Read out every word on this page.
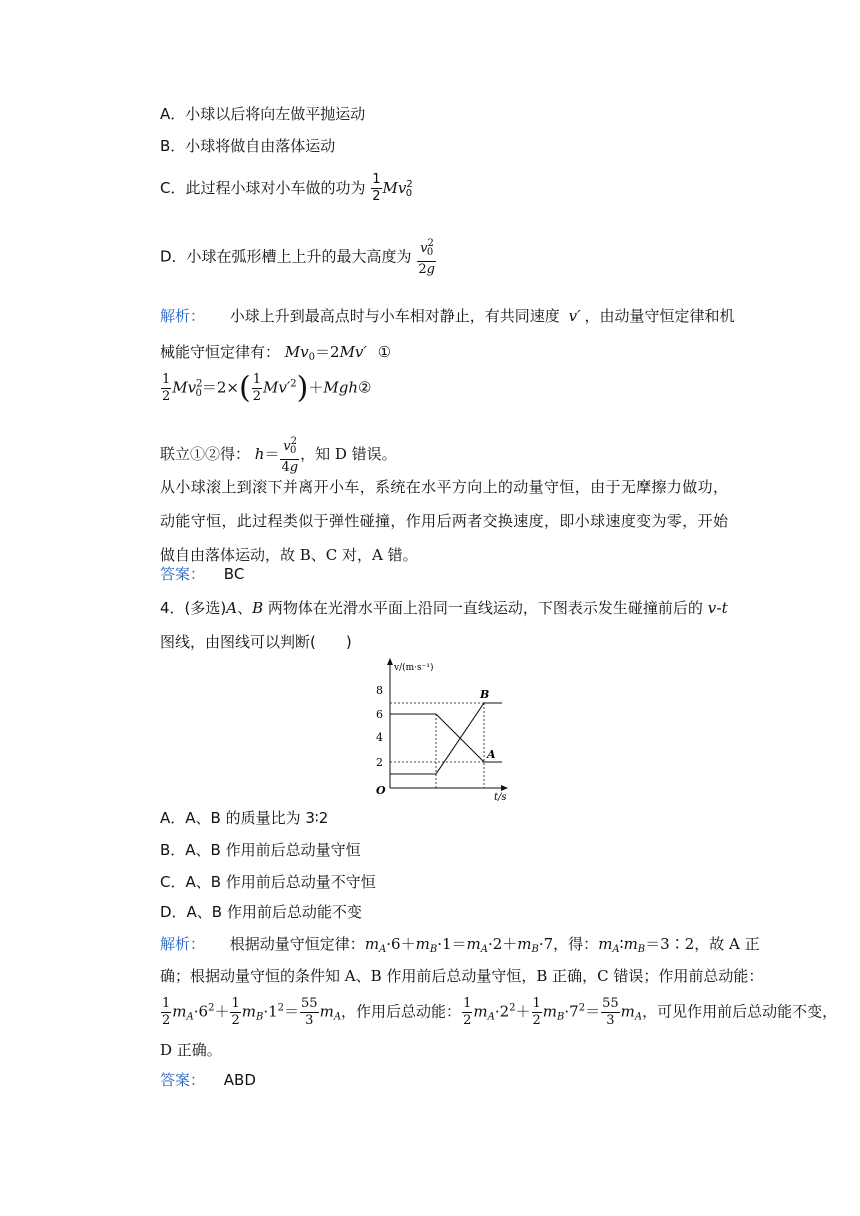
A．小球以后将向左做平抛运动
B．小球将做自由落体运动
C．此过程小球对小车做的功为 $\frac{1}{2} Mv^2_0$
D．小球在弧形槽上上升的最大高度为 $\frac{v^2_0}{2g}$
解析： 小球上升到最高点时与小车相对静止，有共同速度 v′ ，由动量守恒定律和机
械能守恒定律有： $Mv_0=2Mv'$ ①
$\frac{1}{2} Mv^2_0=2\times( \frac{1}{2}$ $Mv'^2)+Mgh②$
联立①②得： $h= \frac{v^2_0}{4g}$ ，知 D 错误。
从小球滚上到滚下并离开小车，系统在水平方向上的动量守恒，由于无摩擦力做功，动能守恒，此过程类似于弹性碰撞，作用后两者交换速度，即小球速度变为零，开始做自由落体运动，故 B、C 对，A 错。
答案： BC
4．(多选)A、B 两物体在光滑水平面上沿同一直线运动，下图表示发生碰撞前后的 v-t
图线，由图线可以判断(　　)
8
6
4
2
O
v/(m·s⁻¹)
t/s
B
A
A．A、B 的质量比为 3∶2
B．A、B 作用前后总动量守恒
C．A、B 作用前后总动量不守恒
D．A、B 作用前后总动能不变
解析： 根据动量守恒定律：$m_A\cdot 6+m_B\cdot 1=m_A\cdot 2+m_B\cdot 7$，得：$m_A∶m_B=3∶2$，故 A 正
确；根据动量守恒的条件知 A、B 作用前后总动量守恒，B 正确，C 错误；作用前总动能：
$\frac{1}{2} m_A\cdot 6^2+ \frac{1}{2} m_B\cdot 1^2= \frac{55}{3} m_A$，作用后总动能： $\frac{1}{2} m_A\cdot 2^2+ \frac{1}{2} m_B\cdot 7^2= \frac{55}{3} m_A$，可见作用前后总动能不变，
D 正确。
答案： ABD
